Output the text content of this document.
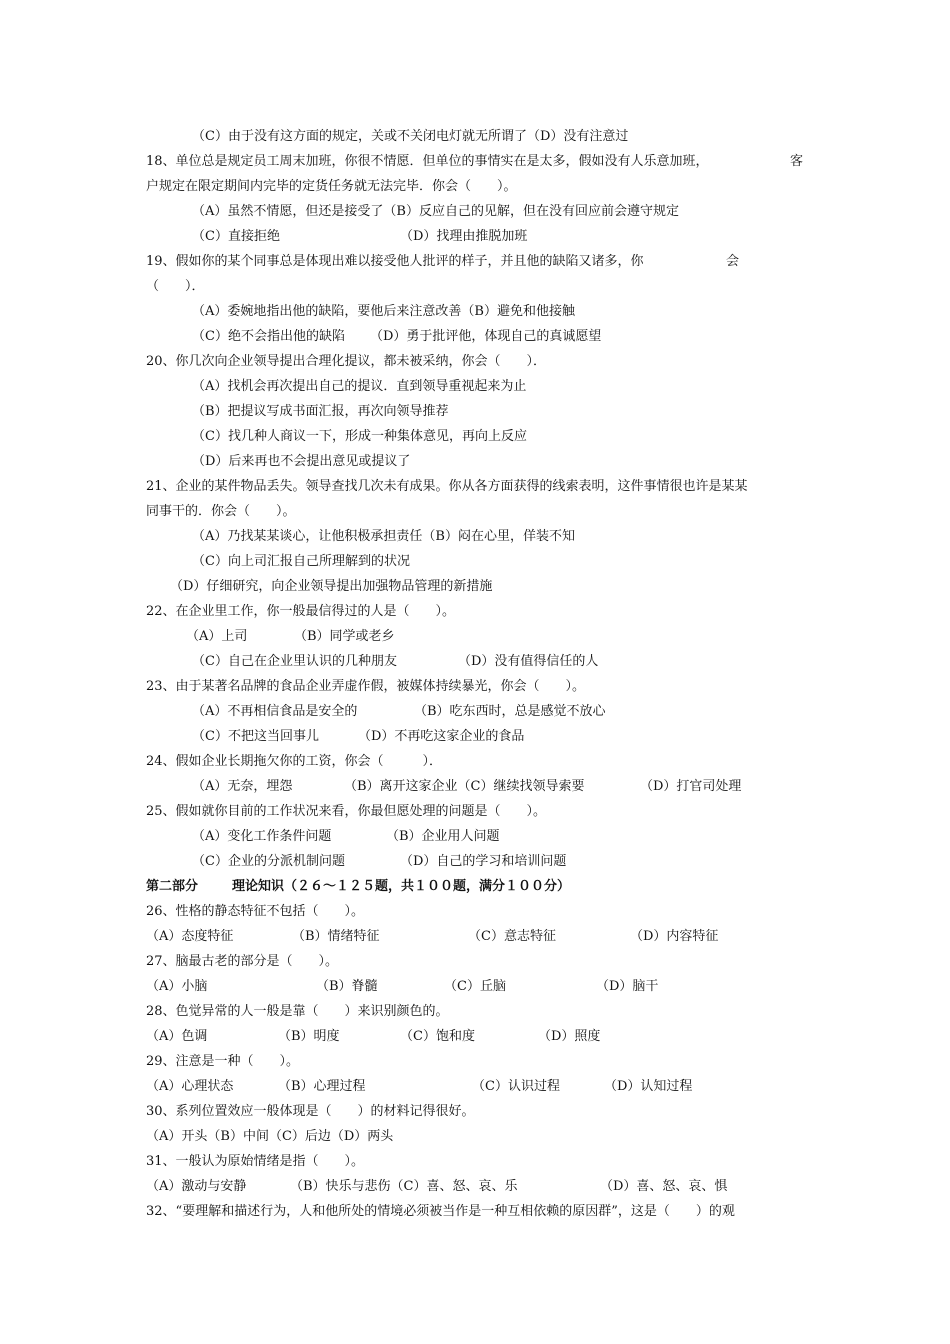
（C）由于没有这方面的规定，关或不关闭电灯就无所谓了（D）没有注意过
18、单位总是规定员工周末加班，你很不情愿．但单位的事情实在是太多，假如没有人乐意加班，	客
户规定在限定期间内完毕的定货任务就无法完毕．你会（　　）。
（A）虽然不情愿，但还是接受了（B）反应自己的见解，但在没有回应前会遵守规定
（C）直接拒绝	（D）找理由推脱加班
19、假如你的某个同事总是体现出难以接受他人批评的样子，并且他的缺陷又诸多，你	会
（　　）．
（A）委婉地指出他的缺陷，要他后来注意改善（B）避免和他接触
（C）绝不会指出他的缺陷 （D）勇于批评他，体现自己的真诚愿望
20、你几次向企业领导提出合理化提议，都未被采纳，你会（　　）．
（A）找机会再次提出自己的提议．直到领导重视起来为止
（B）把提议写成书面汇报，再次向领导推荐
（C）找几种人商议一下，形成一种集体意见，再向上反应
（D）后来再也不会提出意见或提议了
21、企业的某件物品丢失。领导查找几次未有成果。你从各方面获得的线索表明，这件事情很也许是某某
同事干的．你会（　　）。
（A）乃找某某谈心，让他积极承担责任（B）闷在心里，佯装不知
（C）向上司汇报自己所理解到的状况
（D）仔细研究，向企业领导提出加强物品管理的新措施
22、在企业里工作，你一般最信得过的人是（　　）。
（A）上司	（B）同学或老乡
（C）自己在企业里认识的几种朋友	（D）没有值得信任的人
23、由于某著名品牌的食品企业弄虚作假，被媒体持续暴光，你会（　　）。
（A）不再相信食品是安全的	（B）吃东西时，总是感觉不放心
（C）不把这当回事儿	（D）不再吃这家企业的食品
24、假如企业长期拖欠你的工资，你会（　　　）．
（A）无奈，埋怨	（B）离开这家企业（C）继续找领导索要	（D）打官司处理
25、假如就你目前的工作状况来看，你最但愿处理的问题是（　　）。
（A）变化工作条件问题	（B）企业用人问题
（C）企业的分派机制问题	（D）自己的学习和培训问题
第二部分	理论知识（２６～１２５题，共１００题，满分１００分）
26、性格的静态特征不包括（　　）。
（A）态度特征	（B）情绪特征	（C）意志特征	（D）内容特征
27、脑最古老的部分是（　　）。
（A）小脑	（B）脊髓	（C）丘脑	（D）脑干
28、色觉异常的人一般是靠（　　）来识别颜色的。
（A）色调	（B）明度	（C）饱和度	（D）照度
29、注意是一种（　　）。
（A）心理状态	（B）心理过程	（C）认识过程	（D）认知过程
30、系列位置效应一般体现是（　　）的材料记得很好。
（A）开头（B）中间（C）后边（D）两头
31、一般认为原始情绪是指（　　）。
（A）激动与安静	（B）快乐与悲伤（C）喜、怒、哀、乐	（D）喜、怒、哀、惧
32、“要理解和描述行为，人和他所处的情境必须被当作是一种互相依赖的原因群”，这是（　　）的观
